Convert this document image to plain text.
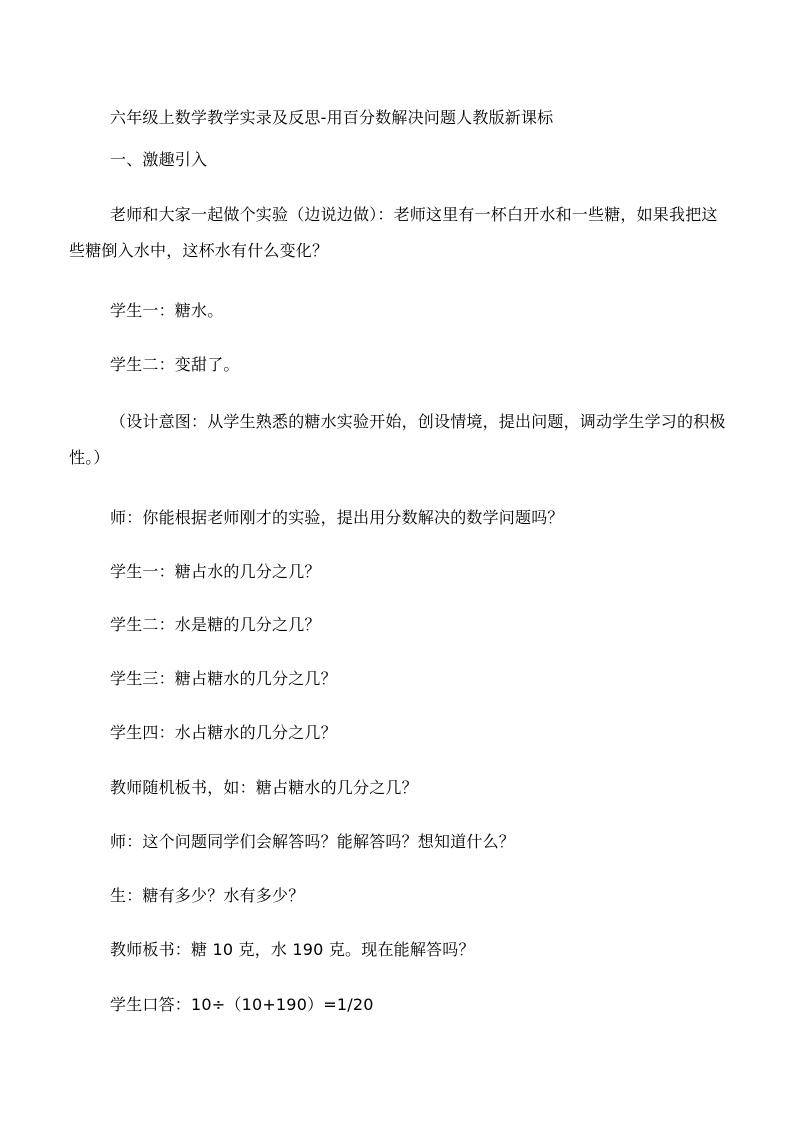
六年级上数学教学实录及反思-用百分数解决问题人教版新课标
一、激趣引入
老师和大家一起做个实验（边说边做）：老师这里有一杯白开水和一些糖，如果我把这些糖倒入水中，这杯水有什么变化？
学生一：糖水。
学生二：变甜了。
（设计意图：从学生熟悉的糖水实验开始，创设情境，提出问题，调动学生学习的积极性。）
师：你能根据老师刚才的实验，提出用分数解决的数学问题吗？
学生一：糖占水的几分之几？
学生二：水是糖的几分之几？
学生三：糖占糖水的几分之几？
学生四：水占糖水的几分之几？
教师随机板书，如：糖占糖水的几分之几？
师：这个问题同学们会解答吗？能解答吗？想知道什么？
生：糖有多少？水有多少？
教师板书：糖 10 克，水 190 克。现在能解答吗？
学生口答：10÷（10+190）=1/20
